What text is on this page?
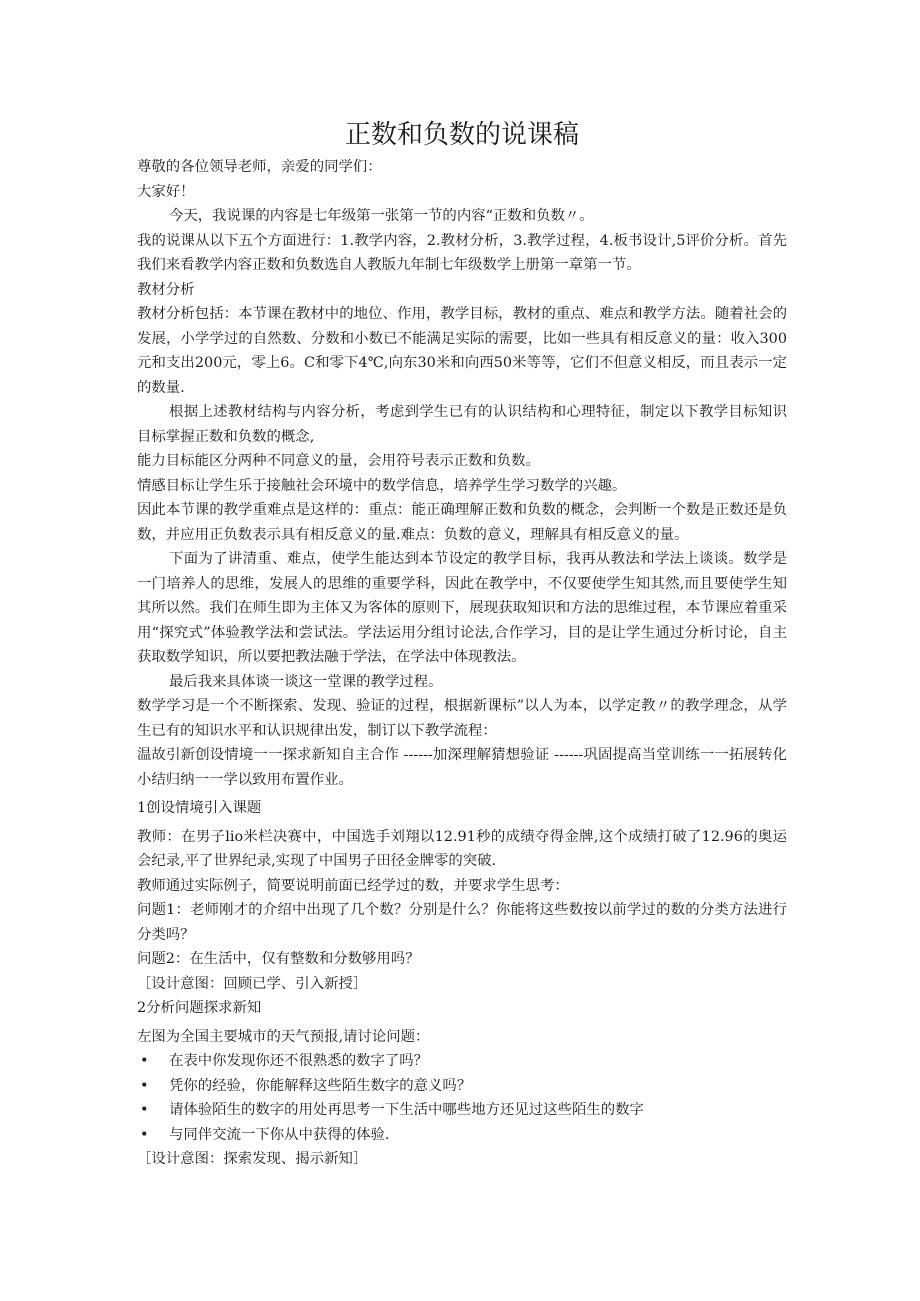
正数和负数的说课稿

尊敬的各位领导老师，亲爱的同学们：

大家好！

今天，我说课的内容是七年级第一张第一节的内容“正数和负数〃。

我的说课从以下五个方面进行：1.教学内容，2.教材分析，3.教学过程，4.板书设计,5评价分析。首先我们来看教学内容正数和负数选自人教版九年制七年级数学上册第一章第一节。

教材分析

教材分析包括：本节课在教材中的地位、作用，教学目标，教材的重点、难点和教学方法。随着社会的发展，小学学过的自然数、分数和小数已不能满足实际的需要，比如一些具有相反意义的量：收入300元和支出200元，零上6。C和零下4℃,向东30米和向西50米等等，它们不但意义相反，而且表示一定的数量.

根据上述教材结构与内容分析，考虑到学生已有的认识结构和心理特征，制定以下教学目标知识目标掌握正数和负数的概念,

能力目标能区分两种不同意义的量，会用符号表示正数和负数。

情感目标让学生乐于接触社会环境中的数学信息，培养学生学习数学的兴趣。

因此本节课的教学重难点是这样的：重点：能正确理解正数和负数的概念，会判断一个数是正数还是负数，并应用正负数表示具有相反意义的量.难点：负数的意义，理解具有相反意义的量。

下面为了讲清重、难点，使学生能达到本节设定的教学目标，我再从教法和学法上谈谈。数学是一门培养人的思维，发展人的思维的重要学科，因此在教学中，不仅要使学生知其然,而且要使学生知其所以然。我们在师生即为主体又为客体的原则下，展现获取知识和方法的思维过程，本节课应着重采用“探究式”体验教学法和尝试法。学法运用分组讨论法,合作学习，目的是让学生通过分析讨论，自主获取数学知识，所以要把教法融于学法，在学法中体现教法。

最后我来具体谈一谈这一堂课的教学过程。

数学学习是一个不断探索、发现、验证的过程，根据新课标”以人为本，以学定教〃的教学理念，从学生已有的知识水平和认识规律出发，制订以下教学流程：

温故引新创设情境一一探求新知自主合作 ------加深理解猜想验证 ------巩固提高当堂训练一一拓展转化小结归纳一一学以致用布置作业。

1创设情境引入课题

教师：在男子lio米栏决赛中，中国选手刘翔以12.91秒的成绩夺得金牌,这个成绩打破了12.96的奥运会纪录,平了世界纪录,实现了中国男子田径金牌零的突破.

教师通过实际例子，简要说明前面已经学过的数，并要求学生思考：

问题1：老师刚才的介绍中出现了几个数？分别是什么？你能将这些数按以前学过的数的分类方法进行分类吗？

问题2：在生活中，仅有整数和分数够用吗？

［设计意图：回顾已学、引入新授］

2分析问题探求新知

左图为全国主要城市的天气预报,请讨论问题：

• 在表中你发现你还不很熟悉的数字了吗？
• 凭你的经验，你能解释这些陌生数字的意义吗？
• 请体验陌生的数字的用处再思考一下生活中哪些地方还见过这些陌生的数字
• 与同伴交流一下你从中获得的体验.

［设计意图：探索发现、揭示新知］
